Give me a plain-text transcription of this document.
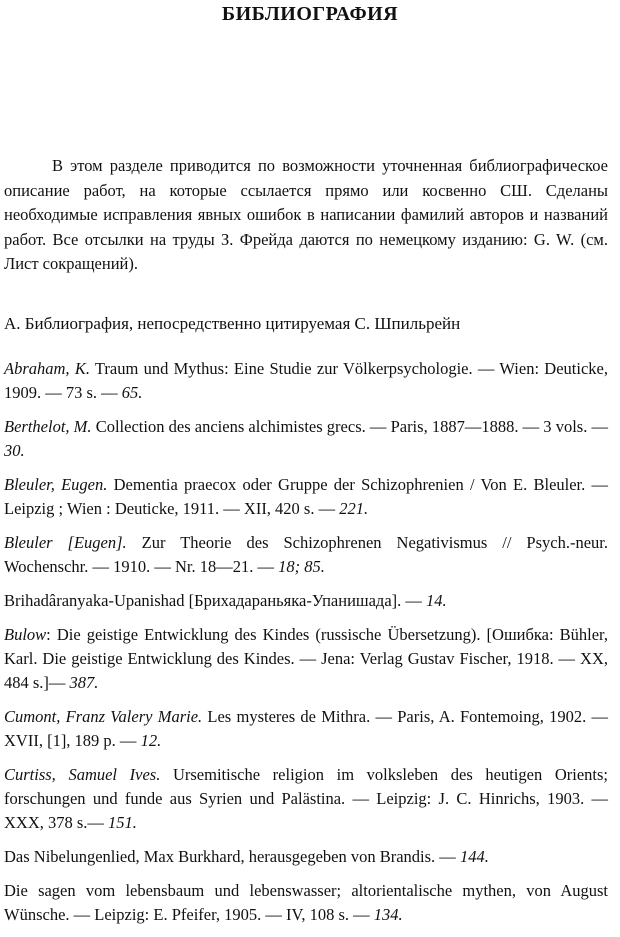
БИБЛИОГРАФИЯ

В этом разделе приводится по возможности уточненная библиографическое описание работ, на которые ссылается прямо или косвенно СШ. Сделаны необходимые исправления явных ошибок в написании фамилий авторов и названий работ. Все отсылки на труды З. Фрейда даются по немецкому изданию: G. W. (см. Лист сокращений).

А. Библиография, непосредственно цитируемая С. Шпильрейн

Abraham, K. Traum und Mythus: Eine Studie zur Völkerpsychologie. — Wien: Deuticke, 1909. — 73 s. — 65.
Berthelot, M. Collection des anciens alchimistes grecs. — Paris, 1887—1888. — 3 vols. — 30.
Bleuler, Eugen. Dementia praecox oder Gruppe der Schizophrenien / Von E. Bleuler. — Leipzig ; Wien : Deuticke, 1911. — XII, 420 s. — 221.
Bleuler [Eugen]. Zur Theorie des Schizophrenen Negativismus // Psych.-neur. Wochenschr. — 1910. — Nr. 18—21. — 18; 85.
Brihadâranyaka-Upanishad [Брихадараньяка-Упанишада]. — 14.
Bulow: Die geistige Entwicklung des Kindes (russische Übersetzung). [Ошибка: Bühler, Karl. Die geistige Entwicklung des Kindes. — Jena: Verlag Gustav Fischer, 1918. — XX, 484 s.]— 387.
Cumont, Franz Valery Marie. Les mysteres de Mithra. — Paris, A. Fontemoing, 1902. — XVII, [1], 189 p. — 12.
Curtiss, Samuel Ives. Ursemitische religion im volksleben des heutigen Orients; forschungen und funde aus Syrien und Palästina. — Leipzig: J. C. Hinrichs, 1903. — XXX, 378 s.— 151.
Das Nibelungenlied, Max Burkhard, herausgegeben von Brandis. — 144.
Die sagen vom lebensbaum und lebenswasser; altorientalische mythen, von August Wünsche. — Leipzig: E. Pfeifer, 1905. — IV, 108 s. — 134.
